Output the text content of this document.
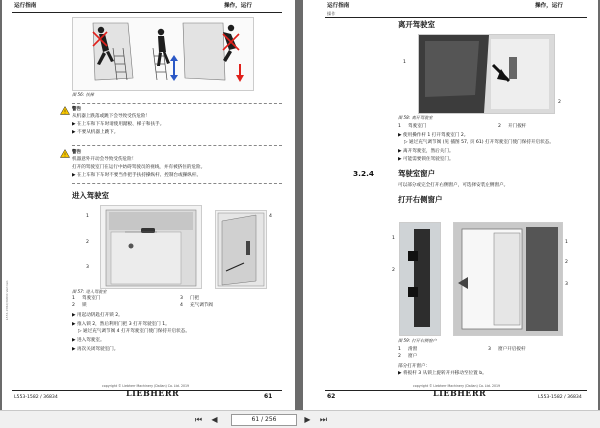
运行指南	操作，运行
图 56: 扶梯
!
警告
从机器上跌落或跳下会导致受伤危险！
▶ 在上车和下车时请使用踏板、梯子和扶手。
▶ 不要从机器上跳下。
!
警告
机器意外开动会导致受伤危险！
打开的驾驶室门在运行中妨碍驾驶员的视线，并有被挤住的危险。
▶ 在上车和下车时不要当作把手扶持操纵杆、控制台或操纵杆。
进入驾驶室
1
2
3
4
图 57: 进入驾驶室
1 驾驶室门
2 锁
3 门把
4 充气调节阀
▶ 用起动钥匙打开锁 2。
▶ 推入锁 2，然后利用门把 3 打开驾驶室门 1。
▷ 通过充气调节阀 4 打开驾驶室门使门保持开启状态。
▶ 进入驾驶室。
▶ 再次关闭驾驶室门。
copyright © Liebherr Machinery (Dalian) Co. Ltd. 2019
L553-1582 / 36834	LIEBHERR	61
L553-1582/36834 Vertrieb
运行指南	操作，运行
操作
离开驾驶室
1
2
图 58: 离开驾驶室
1 驾驶室门	2 开门扳杆
▶ 使用操作杆 1 打开驾驶室门 2。
▷ 通过充气调节阀 (见 插图 57, 页 61) 打开驾驶室门使门保持开启状态。
▶ 离开驾驶室，然后关门。
▶ 可能需要锁住驾驶室门。
3.2.4	驾驶室窗户
可以部分或完全打开右侧窗户，可选择安装左侧窗户。
打开右侧窗户
1
2
1
2
3
图 59: 打开右侧窗户
1 滑窗
2 窗户
3 窗户开启扳杆
部分打开窗户：
▶ 将扳杆 3 从锁上旋转开并移动至位置 b。
copyright © Liebherr Machinery (Dalian) Co. Ltd. 2019
62	LIEBHERR	L553-1582 / 36834
⏮	◀	61 / 256	▶	⏭
